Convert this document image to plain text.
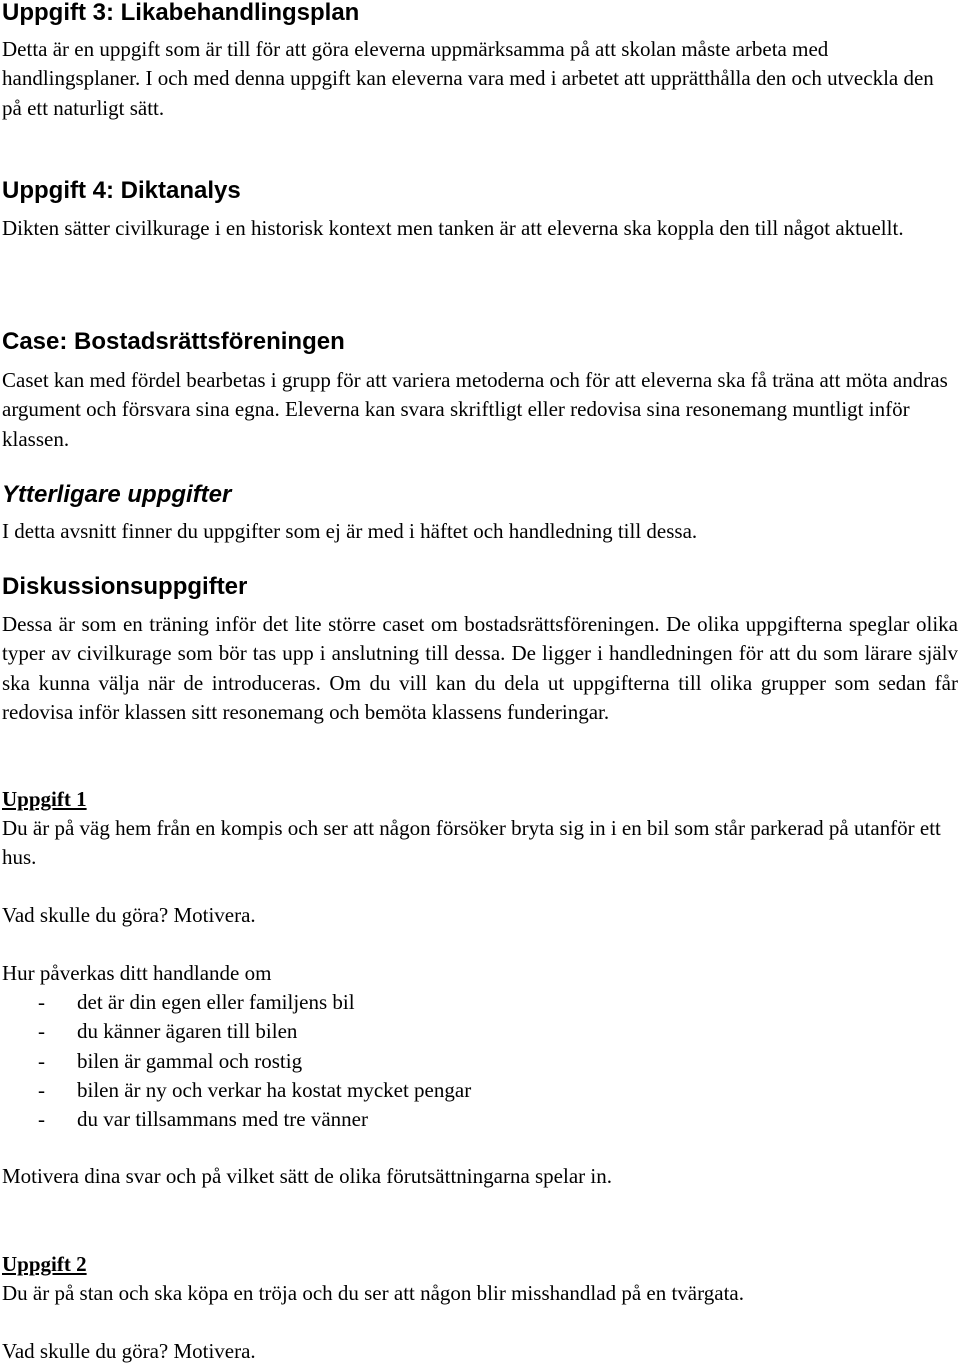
Uppgift 3: Likabehandlingsplan

Detta är en uppgift som är till för att göra eleverna uppmärksamma på att skolan måste arbeta med handlingsplaner. I och med denna uppgift kan eleverna vara med i arbetet att upprätthålla den och utveckla den på ett naturligt sätt.

Uppgift 4: Diktanalys

Dikten sätter civilkurage i en historisk kontext men tanken är att eleverna ska koppla den till något aktuellt.

Case: Bostadsrättsföreningen

Caset kan med fördel bearbetas i grupp för att variera metoderna och för att eleverna ska få träna att möta andras argument och försvara sina egna. Eleverna kan svara skriftligt eller redovisa sina resonemang muntligt inför klassen.

Ytterligare uppgifter

I detta avsnitt finner du uppgifter som ej är med i häftet och handledning till dessa.

Diskussionsuppgifter

Dessa är som en träning inför det lite större caset om bostadsrättsföreningen. De olika uppgifterna speglar olika typer av civilkurage som bör tas upp i anslutning till dessa. De ligger i handledningen för att du som lärare själv ska kunna välja när de introduceras. Om du vill kan du dela ut uppgifterna till olika grupper som sedan får redovisa inför klassen sitt resonemang och bemöta klassens funderingar.

Uppgift 1

Du är på väg hem från en kompis och ser att någon försöker bryta sig in i en bil som står parkerad på utanför ett hus.

Vad skulle du göra? Motivera.

Hur påverkas ditt handlande om

- det är din egen eller familjens bil
- du känner ägaren till bilen
- bilen är gammal och rostig
- bilen är ny och verkar ha kostat mycket pengar
- du var tillsammans med tre vänner

Motivera dina svar och på vilket sätt de olika förutsättningarna spelar in.

Uppgift 2

Du är på stan och ska köpa en tröja och du ser att någon blir misshandlad på en tvärgata.

Vad skulle du göra? Motivera.
